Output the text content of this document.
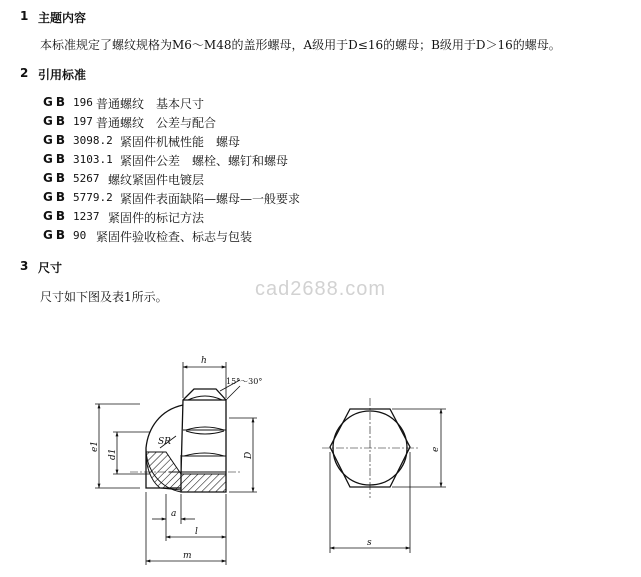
1 主题内容
本标准规定了螺纹规格为M6～M48的盖形螺母，A级用于D≤16的螺母；B级用于D＞16的螺母。
2 引用标准
GB 196 普通螺纹　基本尺寸
GB 197 普通螺纹　公差与配合
GB 3098.2 紧固件机械性能　螺母
GB 3103.1 紧固件公差　螺栓、螺钉和螺母
GB 5267 螺纹紧固件电镀层
GB 5779.2 紧固件表面缺陷—螺母—一般要求
GB 1237 紧固件的标记方法
GB 90 紧固件验收检查、标志与包装
3 尺寸
尺寸如下图及表1所示。	cad2688.com
h
15°～30°
SR
e1
d1	D
a
l
m
s
e
